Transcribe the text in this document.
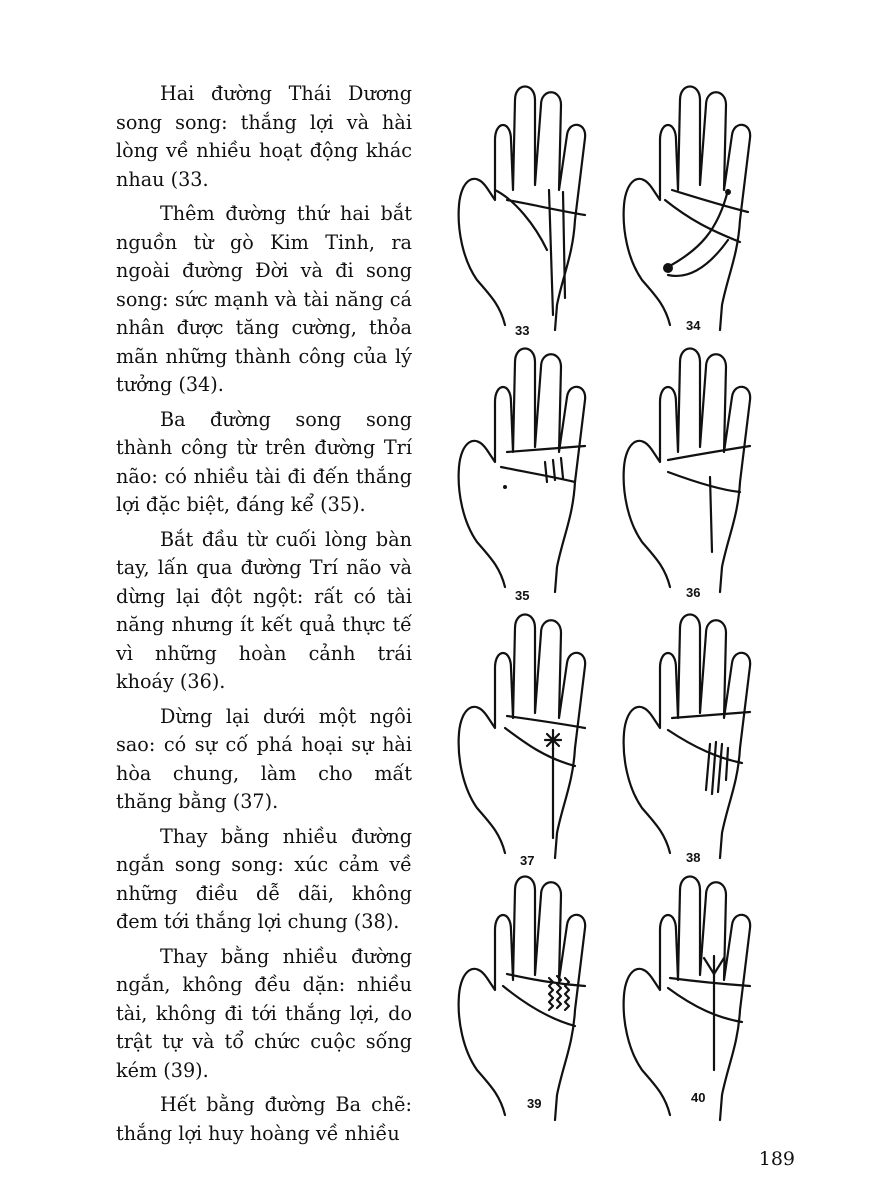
Hai đường Thái Dương song song: thắng lợi và hài lòng về nhiều hoạt động khác nhau (33.

Thêm đường thứ hai bắt nguồn từ gò Kim Tinh, ra ngoài đường Đời và đi song song: sức mạnh và tài năng cá nhân được tăng cường, thỏa mãn những thành công của lý tưởng (34).

Ba đường song song thành công từ trên đường Trí não: có nhiều tài đi đến thắng lợi đặc biệt, đáng kể (35).

Bắt đầu từ cuối lòng bàn tay, lấn qua đường Trí não và dừng lại đột ngột: rất có tài năng nhưng ít kết quả thực tế vì những hoàn cảnh trái khoáy (36).

Dừng lại dưới một ngôi sao: có sự cố phá hoại sự hài hòa chung, làm cho mất thăng bằng (37).

Thay bằng nhiều đường ngắn song song: xúc cảm về những điều dễ dãi, không đem tới thắng lợi chung (38).

Thay bằng nhiều đường ngắn, không đều dặn: nhiều tài, không đi tới thắng lợi, do trật tự và tổ chức cuộc sống kém (39).

Hết bằng đường Ba chẽ: thắng lợi huy hoàng về nhiều

33	34
35	36
37	38
39	40
189
